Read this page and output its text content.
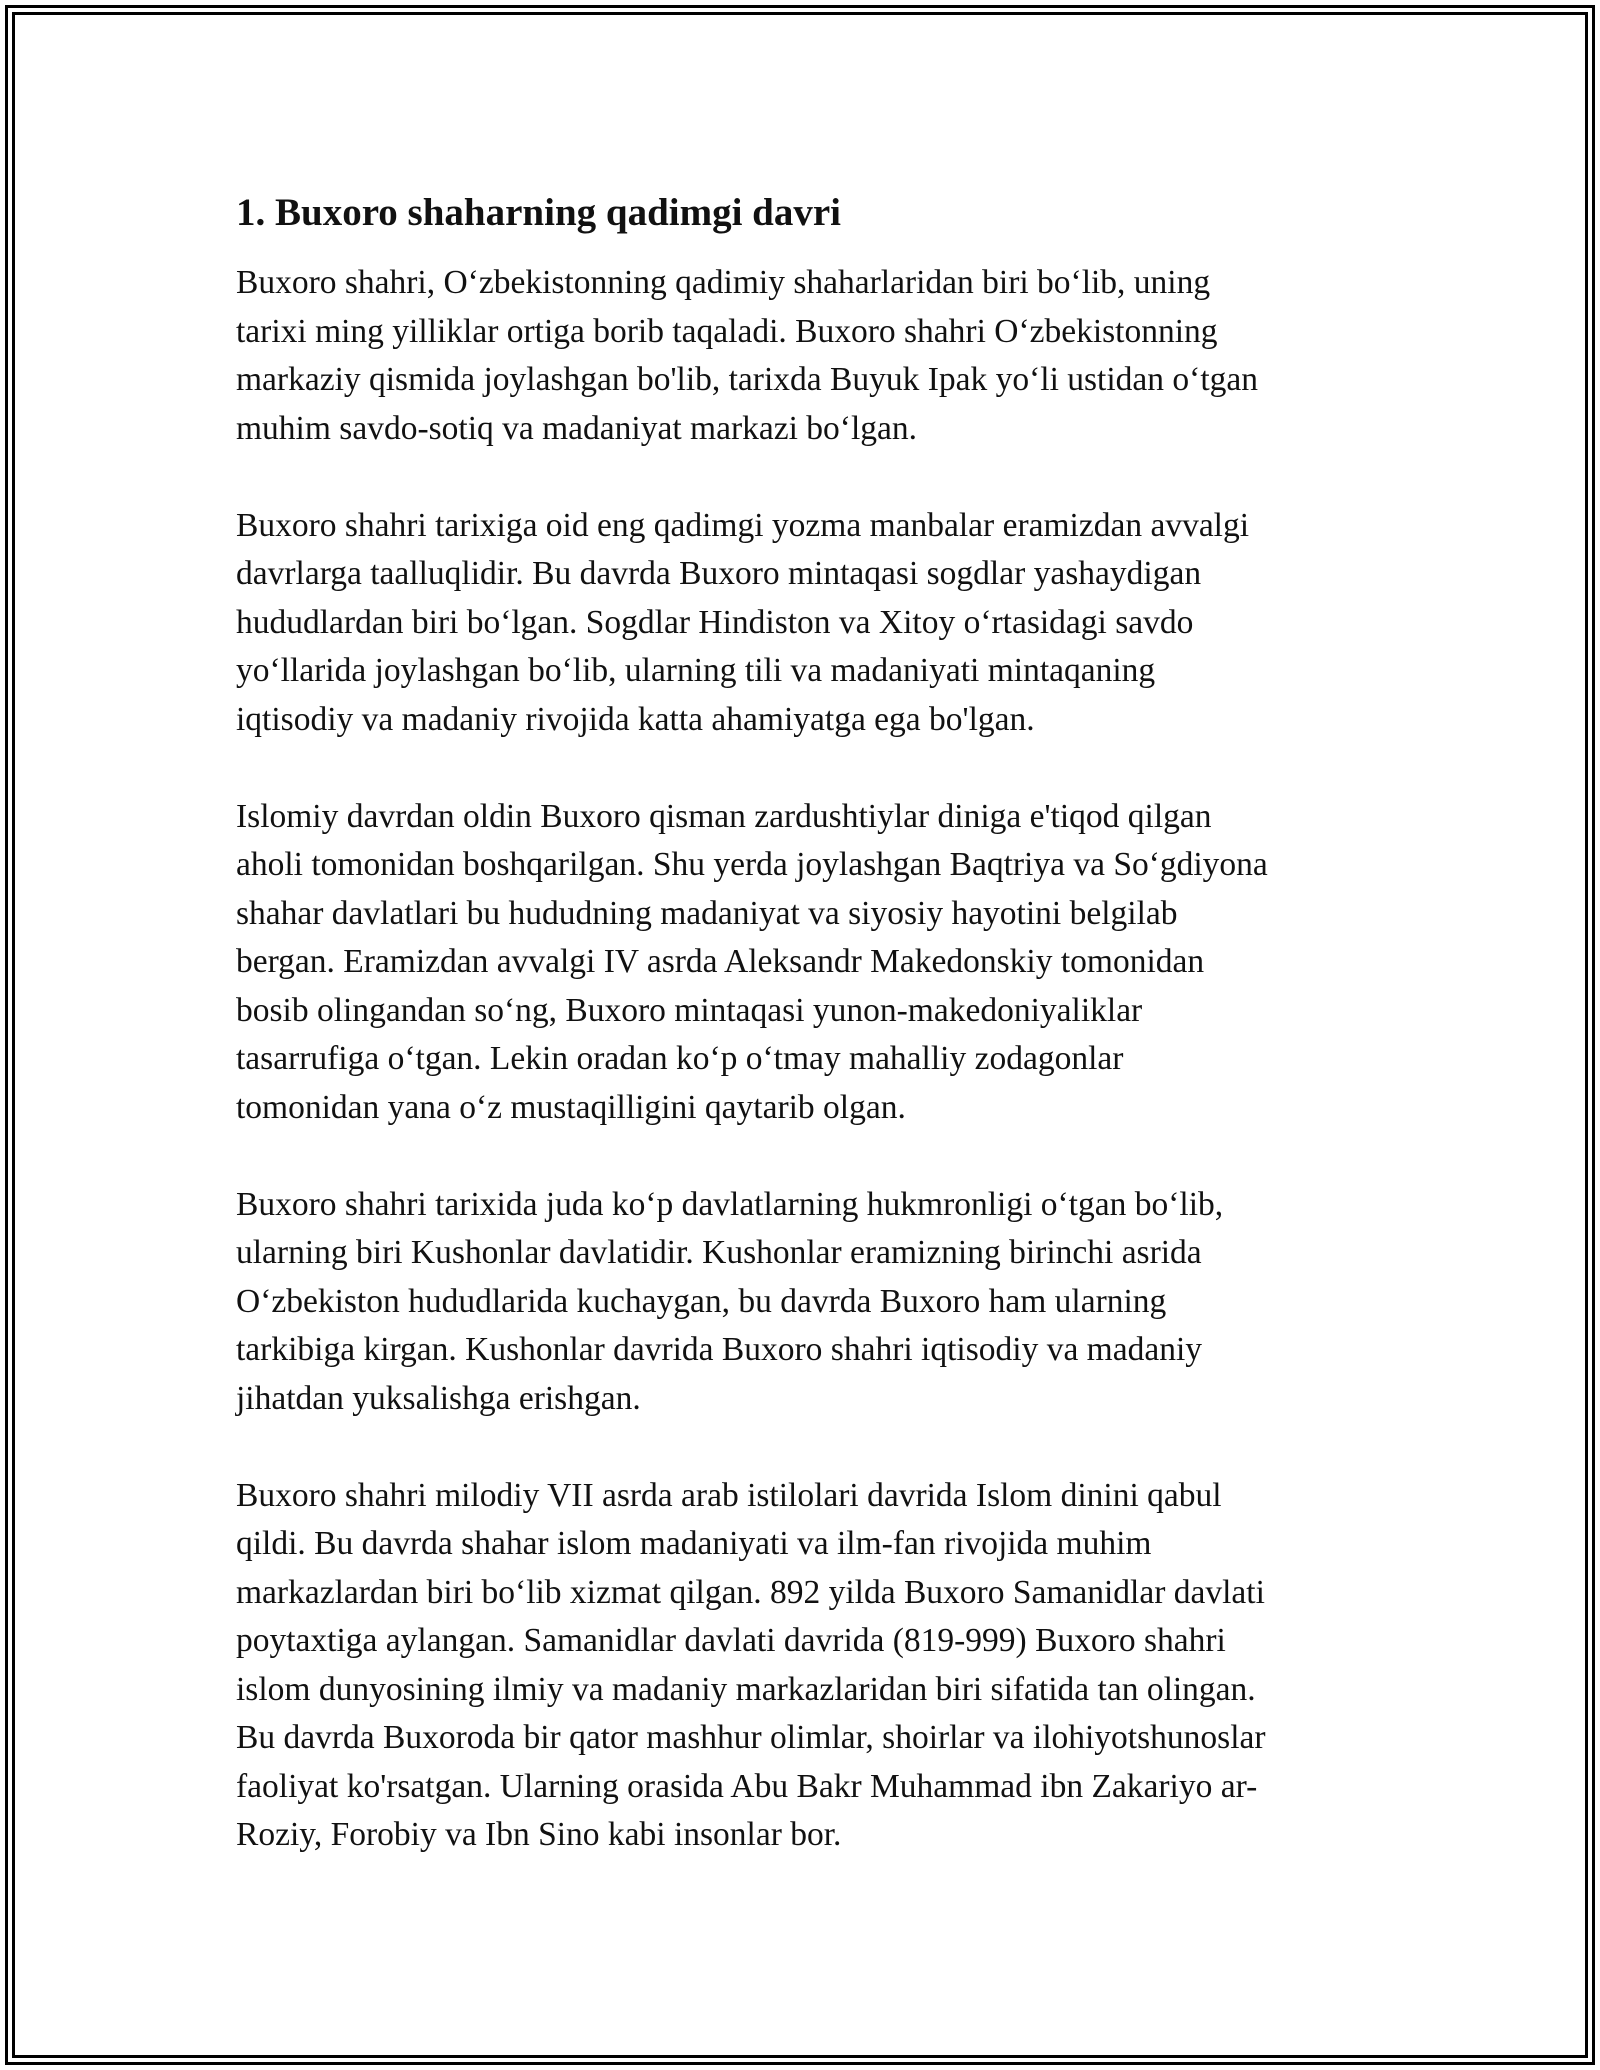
1. Buxoro shaharning qadimgi davri
Buxoro shahri, O‘zbekistonning qadimiy shaharlaridan biri bo‘lib, uning
tarixi ming yilliklar ortiga borib taqaladi. Buxoro shahri O‘zbekistonning
markaziy qismida joylashgan bo'lib, tarixda Buyuk Ipak yo‘li ustidan o‘tgan
muhim savdo-sotiq va madaniyat markazi bo‘lgan.
Buxoro shahri tarixiga oid eng qadimgi yozma manbalar eramizdan avvalgi
davrlarga taalluqlidir. Bu davrda Buxoro mintaqasi sogdlar yashaydigan
hududlardan biri bo‘lgan. Sogdlar Hindiston va Xitoy o‘rtasidagi savdo
yo‘llarida joylashgan bo‘lib, ularning tili va madaniyati mintaqaning
iqtisodiy va madaniy rivojida katta ahamiyatga ega bo'lgan.
Islomiy davrdan oldin Buxoro qisman zardushtiylar diniga e'tiqod qilgan
aholi tomonidan boshqarilgan. Shu yerda joylashgan Baqtriya va So‘gdiyona
shahar davlatlari bu hududning madaniyat va siyosiy hayotini belgilab
bergan. Eramizdan avvalgi IV asrda Aleksandr Makedonskiy tomonidan
bosib olingandan so‘ng, Buxoro mintaqasi yunon-makedoniyaliklar
tasarrufiga o‘tgan. Lekin oradan ko‘p o‘tmay mahalliy zodagonlar
tomonidan yana o‘z mustaqilligini qaytarib olgan.
Buxoro shahri tarixida juda ko‘p davlatlarning hukmronligi o‘tgan bo‘lib,
ularning biri Kushonlar davlatidir. Kushonlar eramizning birinchi asrida
O‘zbekiston hududlarida kuchaygan, bu davrda Buxoro ham ularning
tarkibiga kirgan. Kushonlar davrida Buxoro shahri iqtisodiy va madaniy
jihatdan yuksalishga erishgan.
Buxoro shahri milodiy VII asrda arab istilolari davrida Islom dinini qabul
qildi. Bu davrda shahar islom madaniyati va ilm-fan rivojida muhim
markazlardan biri bo‘lib xizmat qilgan. 892 yilda Buxoro Samanidlar davlati
poytaxtiga aylangan. Samanidlar davlati davrida (819-999) Buxoro shahri
islom dunyosining ilmiy va madaniy markazlaridan biri sifatida tan olingan.
Bu davrda Buxoroda bir qator mashhur olimlar, shoirlar va ilohiyotshunoslar
faoliyat ko'rsatgan. Ularning orasida Abu Bakr Muhammad ibn Zakariyo ar-
Roziy, Forobiy va Ibn Sino kabi insonlar bor.
